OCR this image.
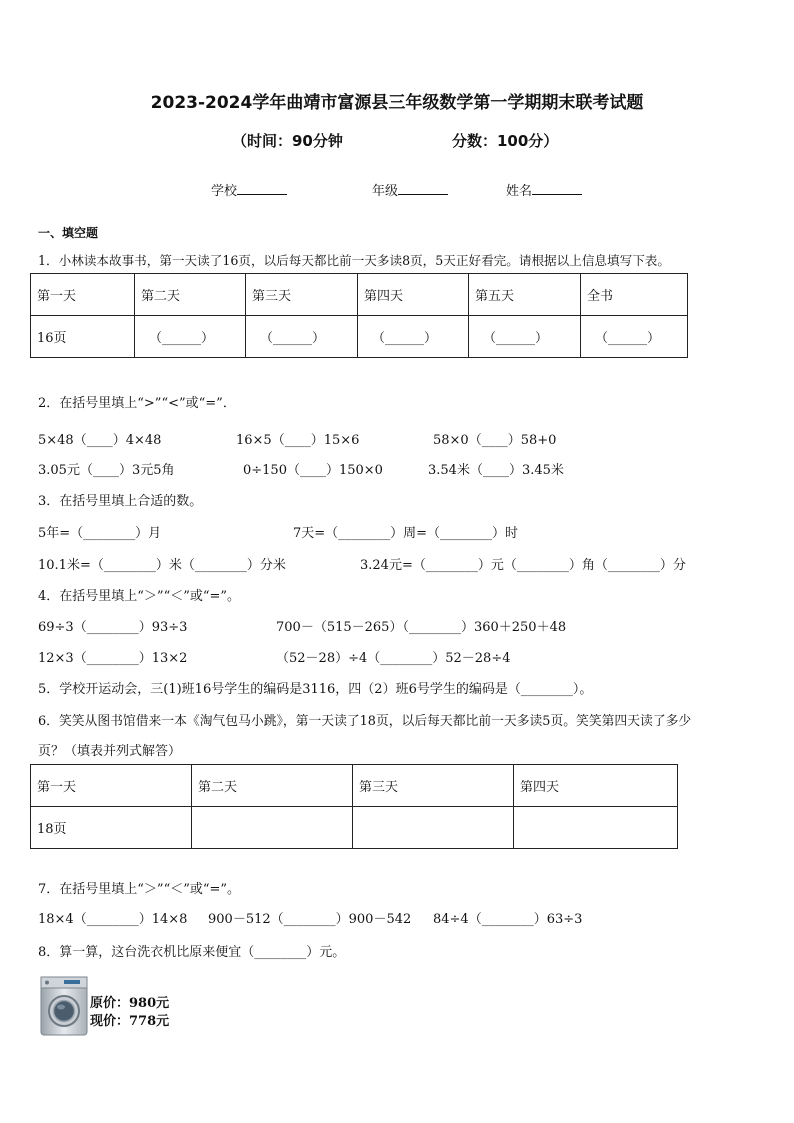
2023-2024学年曲靖市富源县三年级数学第一学期期末联考试题
（时间：90分钟	分数：100分）
学校	年级	姓名
一、填空题
1．小林读本故事书，第一天读了16页，以后每天都比前一天多读8页，5天正好看完。请根据以上信息填写下表。
第一天	第二天	第三天	第四天	第五天	全书
16页	（______）	（______）	（______）	（______）	（______）
2．在括号里填上“>”“<”或“=”．
5×48（____）4×48	16×5（____）15×6	58×0（____）58+0
3.05元（____）3元5角	0÷150（____）150×0	3.54米（____）3.45米
3．在括号里填上合适的数。
5年=（________）月	7天=（________）周=（________）时
10.1米=（________）米（________）分米	3.24元=（________）元（________）角（________）分
4．在括号里填上“＞”“＜”或“=”。
69÷3（________）93÷3	700－（515－265）（________）360＋250＋48
12×3（________）13×2	（52－28）÷4（________）52－28÷4
5．学校开运动会，三(1)班16号学生的编码是3116，四（2）班6号学生的编码是（________）。
6．笑笑从图书馆借来一本《淘气包马小跳》，第一天读了18页，以后每天都比前一天多读5页。笑笑第四天读了多少
页？（填表并列式解答）
第一天	第二天	第三天	第四天
18页			
7．在括号里填上“＞”“＜”或“=”。
18×4（________）14×8 900－512（________）900－542 84÷4（________）63÷3
8．算一算，这台洗衣机比原来便宜（________）元。
原价：980元
现价：778元
